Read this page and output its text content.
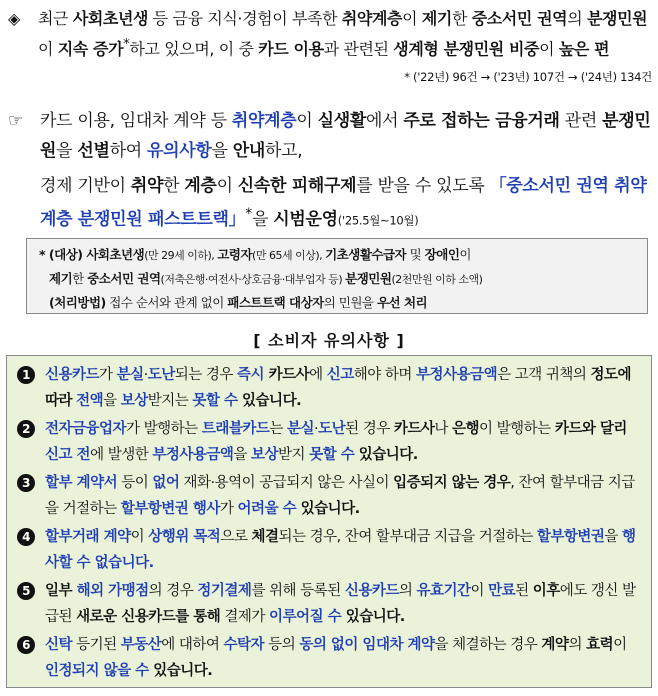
◈ 최근 사회초년생 등 금융 지식·경험이 부족한 취약계층이 제기한 중소서민 권역의 분쟁민원이 지속 증가*하고 있으며, 이 중 카드 이용과 관련된 생계형 분쟁민원 비중이 높은 편
* ('22년) 96건 → ('23년) 107건 → ('24년) 134건
☞ 카드 이용, 임대차 계약 등 취약계층이 실생활에서 주로 접하는 금융거래 관련 분쟁민원을 선별하여 유의사항을 안내하고,
경제 기반이 취약한 계층이 신속한 피해구제를 받을 수 있도록 「중소서민 권역 취약계층 분쟁민원 패스트트랙」*을 시범운영('25.5월~10월)
* (대상) 사회초년생(만 29세 이하), 고령자(만 65세 이상), 기초생활수급자 및 장애인이
제기한 중소서민 권역(저축은행·여전사·상호금융·대부업자 등) 분쟁민원(2천만원 이하 소액)
(처리방법) 접수 순서와 관계 없이 패스트트랙 대상자의 민원을 우선 처리
[ 소비자 유의사항 ]
1	신용카드가 분실·도난되는 경우 즉시 카드사에 신고해야 하며 부정사용금액은 고객 귀책의 정도에 따라 전액을 보상받지는 못할 수 있습니다.
2	전자금융업자가 발행하는 트래블카드는 분실·도난된 경우 카드사나 은행이 발행하는 카드와 달리 신고 전에 발생한 부정사용금액을 보상받지 못할 수 있습니다.
3	할부 계약서 등이 없어 재화·용역이 공급되지 않은 사실이 입증되지 않는 경우, 잔여 할부대금 지급을 거절하는 할부항변권 행사가 어려울 수 있습니다.
4	할부거래 계약이 상행위 목적으로 체결되는 경우, 잔여 할부대금 지급을 거절하는 할부항변권을 행사할 수 없습니다.
5	일부 해외 가맹점의 경우 정기결제를 위해 등록된 신용카드의 유효기간이 만료된 이후에도 갱신 발급된 새로운 신용카드를 통해 결제가 이루어질 수 있습니다.
6	신탁 등기된 부동산에 대하여 수탁자 등의 동의 없이 임대차 계약을 체결하는 경우 계약의 효력이 인정되지 않을 수 있습니다.
